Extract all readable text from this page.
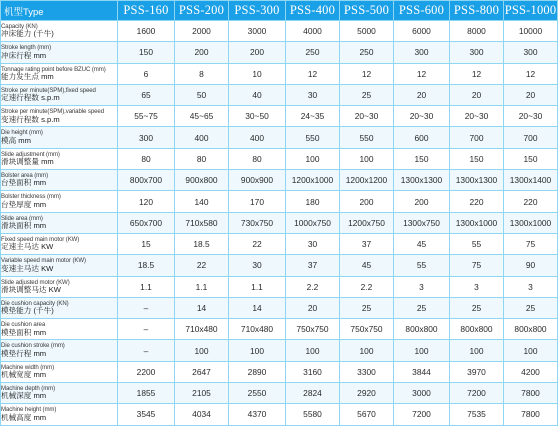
机型Type	PSS-160	PSS-200	PSS-300	PSS-400	PSS-500	PSS-600	PSS-800	PSS-1000

Capacity (KN)
冲床能力 (千牛)	1600	2000	3000	4000	5000	6000	8000	10000

Stroke length (mm)
冲床行程 mm	150	200	200	250	250	300	300	300

Tonnage rating point before BZUC (mm)
能力发生点 mm	6	8	10	12	12	12	12	12

Stroke per minute(SPM),fixed speed
定速行程数 s.p.m	65	50	40	30	25	20	20	20

Stroke per minute(SPM),variable speed
变速行程数 s.p.m	55~75	45~65	30~50	24~35	20~30	20~30	20~30	20~30

Die height (mm)
模高 mm	300	400	400	550	550	600	700	700

Slide adjustment (mm)
滑块调整量 mm	80	80	80	100	100	150	150	150

Bolster area (mm)
台垫面积 mm	800x700	900x800	900x900	1200x1000	1200x1200	1300x1300	1300x1300	1300x1400

Bolster thickness (mm)
台垫厚度 mm	120	140	170	180	200	200	220	220

Slide area (mm)
滑块面积 mm	650x700	710x580	730x750	1000x750	1200x750	1300x750	1300x1000	1300x1000

Fixed speed main motor (KW)
定速主马达 KW	15	18.5	22	30	37	45	55	75

Variable speed main motor (KW)
变速主马达 KW	18.5	22	30	37	45	55	75	90

Slide adjusted motor (KW)
滑块调整马达 KW	1.1	1.1	1.1	2.2	2.2	3	3	3

Die cushion capacity (KN)
模垫能力 (千牛)	–	14	14	20	25	25	25	25

Die cushion area
模垫面积 mm	–	710x480	710x480	750x750	750x750	800x800	800x800	800x800

Die cushion stroke (mm)
模垫行程 mm	–	100	100	100	100	100	100	100

Machine width (mm)
机械宽度 mm	2200	2647	2890	3160	3300	3844	3970	4200

Machine depth (mm)
机械深度 mm	1855	2105	2550	2824	2920	3000	7200	7800

Machine height (mm)
机械高度 mm	3545	4034	4370	5580	5670	7200	7535	7800
